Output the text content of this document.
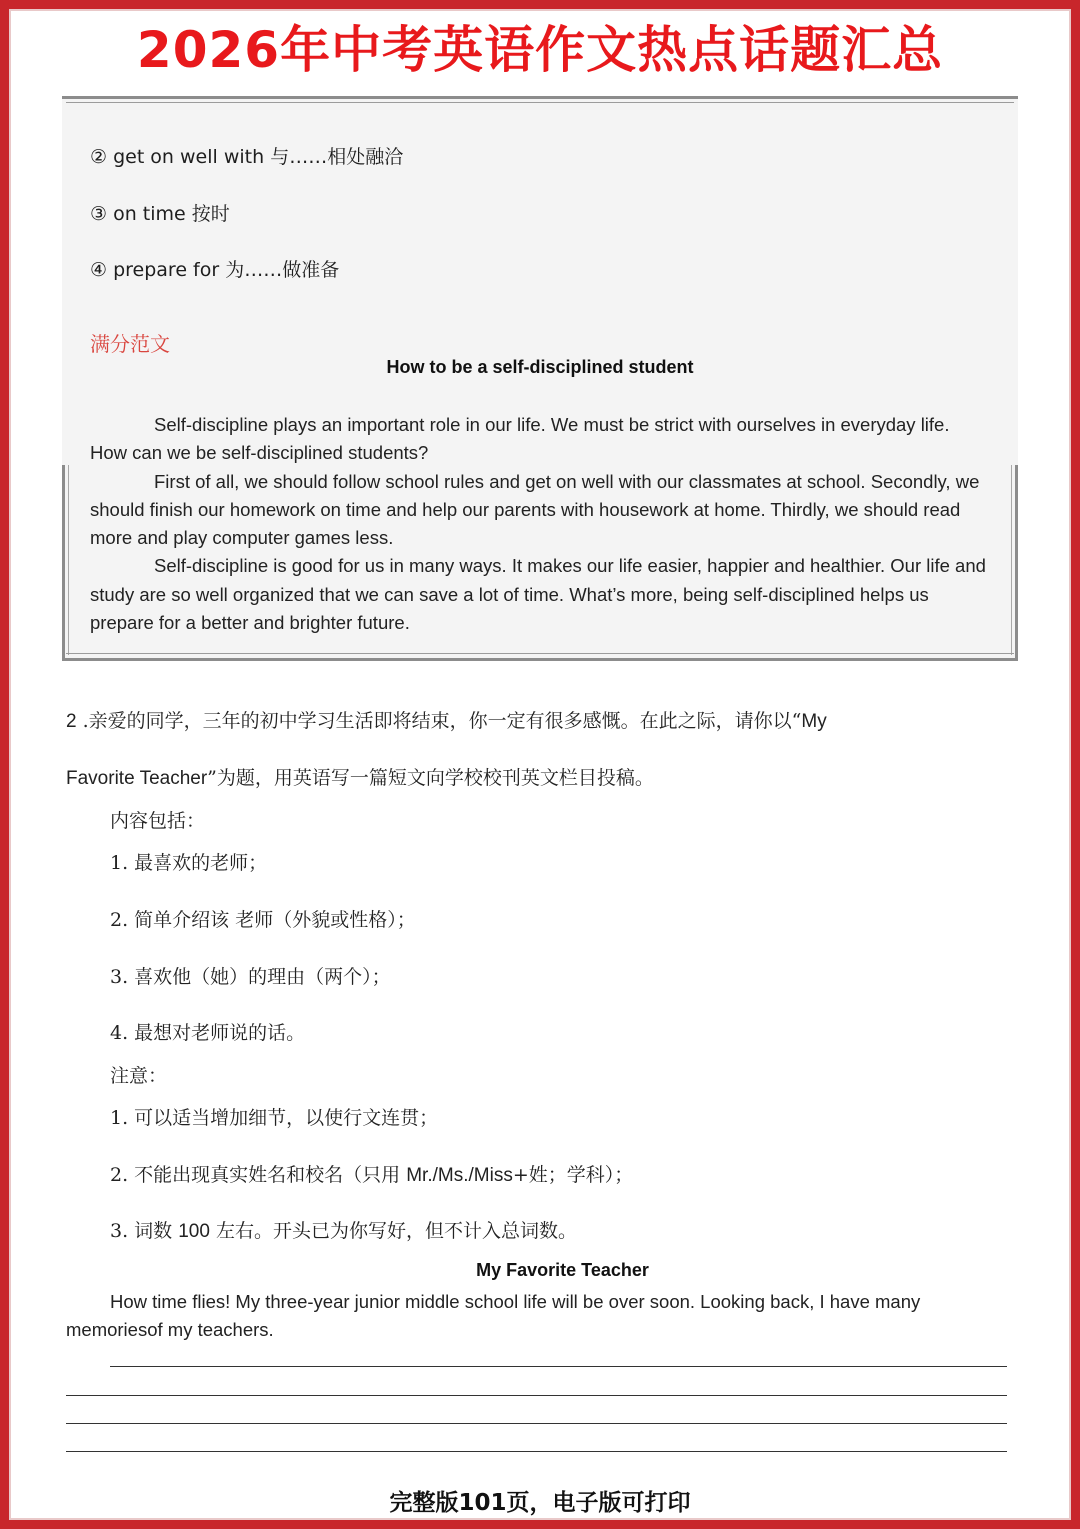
2026年中考英语作文热点话题汇总
② get on well with 与……相处融洽
③ on time 按时
④ prepare for 为……做准备
满分范文
How to be a self-disciplined student

Self-discipline plays an important role in our life. We must be strict with ourselves in everyday life. How can we be self-disciplined students?

First of all, we should follow school rules and get on well with our classmates at school. Secondly, we should finish our homework on time and help our parents with housework at home. Thirdly, we should read more and play computer games less.

Self-discipline is good for us in many ways. It makes our life easier, happier and healthier. Our life and study are so well organized that we can save a lot of time. What’s more, being self-disciplined helps us prepare for a better and brighter future.

2 .亲爱的同学，三年的初中学习生活即将结束，你一定有很多感慨。在此之际，请你以“My
Favorite Teacher”为题，用英语写一篇短文向学校校刊英文栏目投稿。
内容包括：
1. 最喜欢的老师；
2. 简单介绍该 老师（外貌或性格）；
3. 喜欢他（她）的理由（两个）；
4. 最想对老师说的话。
注意：
1. 可以适当增加细节，以使行文连贯；
2. 不能出现真实姓名和校名（只用 Mr./Ms./Miss+姓；学科）；
3. 词数 100 左右。开头已为你写好，但不计入总词数。
My Favorite Teacher

How time flies! My three-year junior middle school life will be over soon. Looking back, I have many memoriesof my teachers.

完整版101页，电子版可打印
